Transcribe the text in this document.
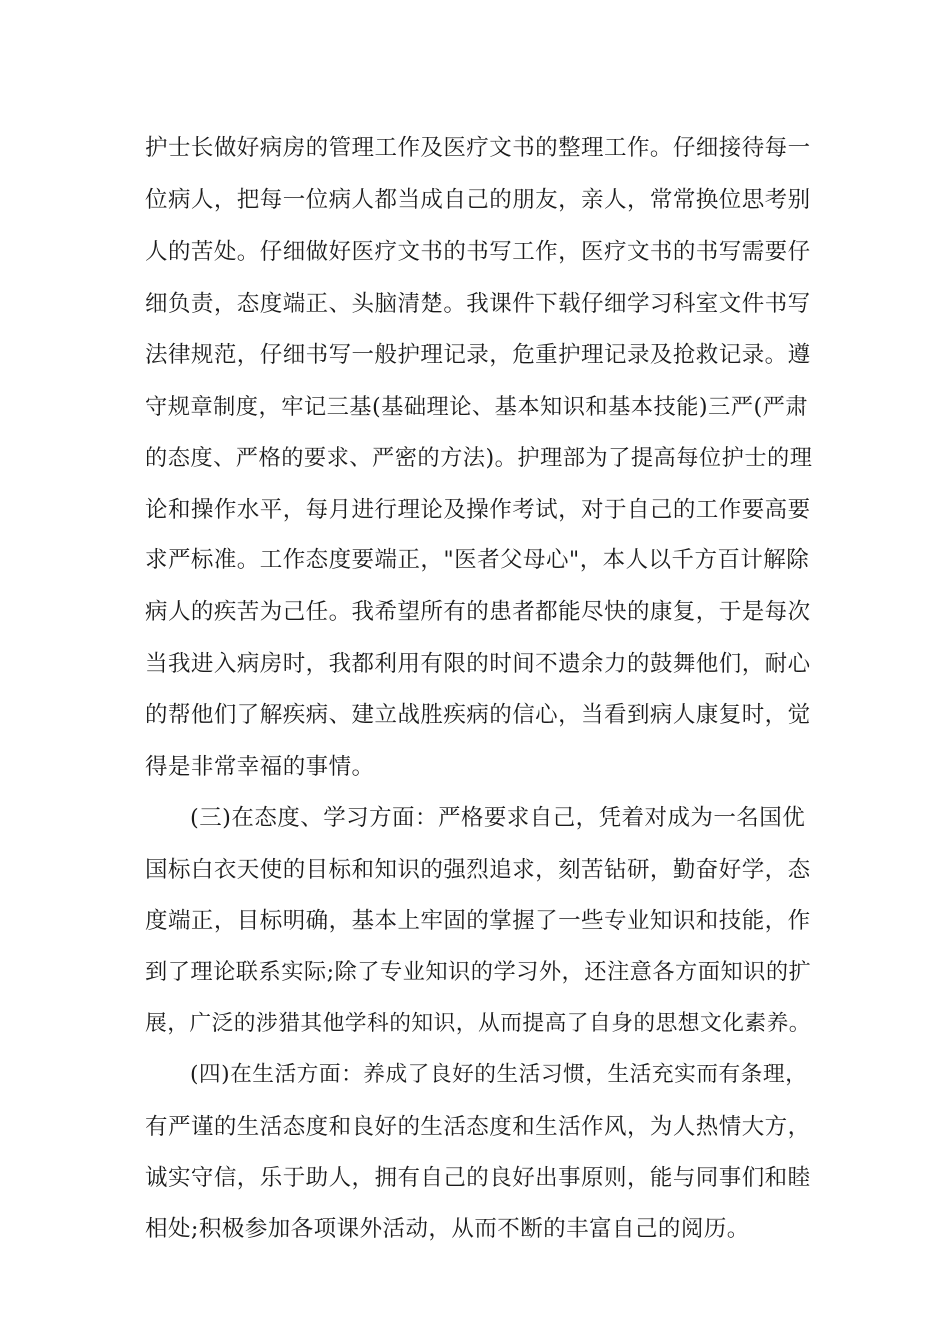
护士长做好病房的管理工作及医疗文书的整理工作。仔细接待每一

位病人，把每一位病人都当成自己的朋友，亲人，常常换位思考别

人的苦处。仔细做好医疗文书的书写工作，医疗文书的书写需要仔

细负责，态度端正、头脑清楚。我课件下载仔细学习科室文件书写

法律规范，仔细书写一般护理记录，危重护理记录及抢救记录。遵

守规章制度，牢记三基(基础理论、基本知识和基本技能)三严(严肃

的态度、严格的要求、严密的方法)。护理部为了提高每位护士的理

论和操作水平，每月进行理论及操作考试，对于自己的工作要高要

求严标准。工作态度要端正，"医者父母心"，本人以千方百计解除

病人的疾苦为己任。我希望所有的患者都能尽快的康复，于是每次

当我进入病房时，我都利用有限的时间不遗余力的鼓舞他们，耐心

的帮他们了解疾病、建立战胜疾病的信心，当看到病人康复时，觉

得是非常幸福的事情。

(三)在态度、学习方面：严格要求自己，凭着对成为一名国优

国标白衣天使的目标和知识的强烈追求，刻苦钻研，勤奋好学，态

度端正，目标明确，基本上牢固的掌握了一些专业知识和技能，作

到了理论联系实际;除了专业知识的学习外，还注意各方面知识的扩

展，广泛的涉猎其他学科的知识，从而提高了自身的思想文化素养。

(四)在生活方面：养成了良好的生活习惯，生活充实而有条理，

有严谨的生活态度和良好的生活态度和生活作风，为人热情大方，

诚实守信，乐于助人，拥有自己的良好出事原则，能与同事们和睦

相处;积极参加各项课外活动，从而不断的丰富自己的阅历。
